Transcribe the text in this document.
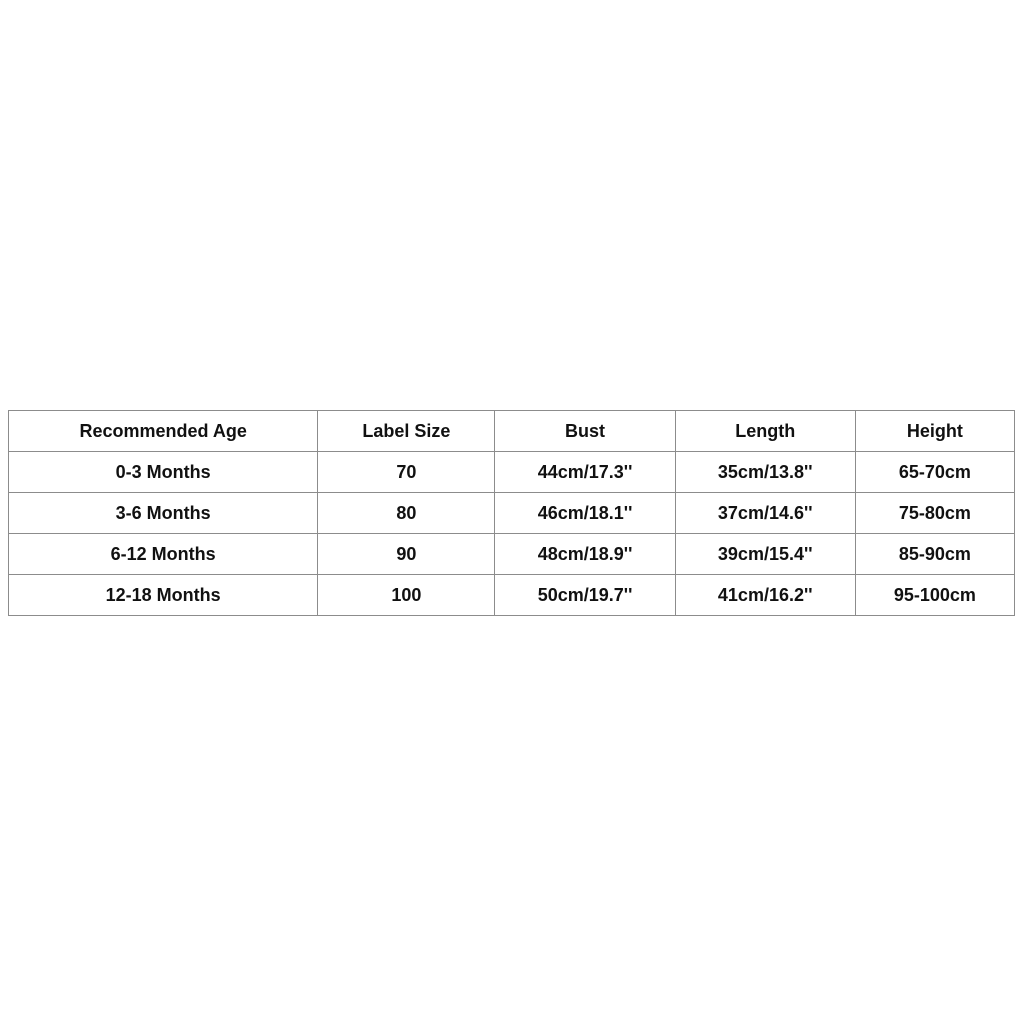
Recommended Age	Label Size	Bust	Length	Height
0-3 Months	70	44cm/17.3''	35cm/13.8''	65-70cm
3-6 Months	80	46cm/18.1''	37cm/14.6''	75-80cm
6-12 Months	90	48cm/18.9''	39cm/15.4''	85-90cm
12-18 Months	100	50cm/19.7''	41cm/16.2''	95-100cm
